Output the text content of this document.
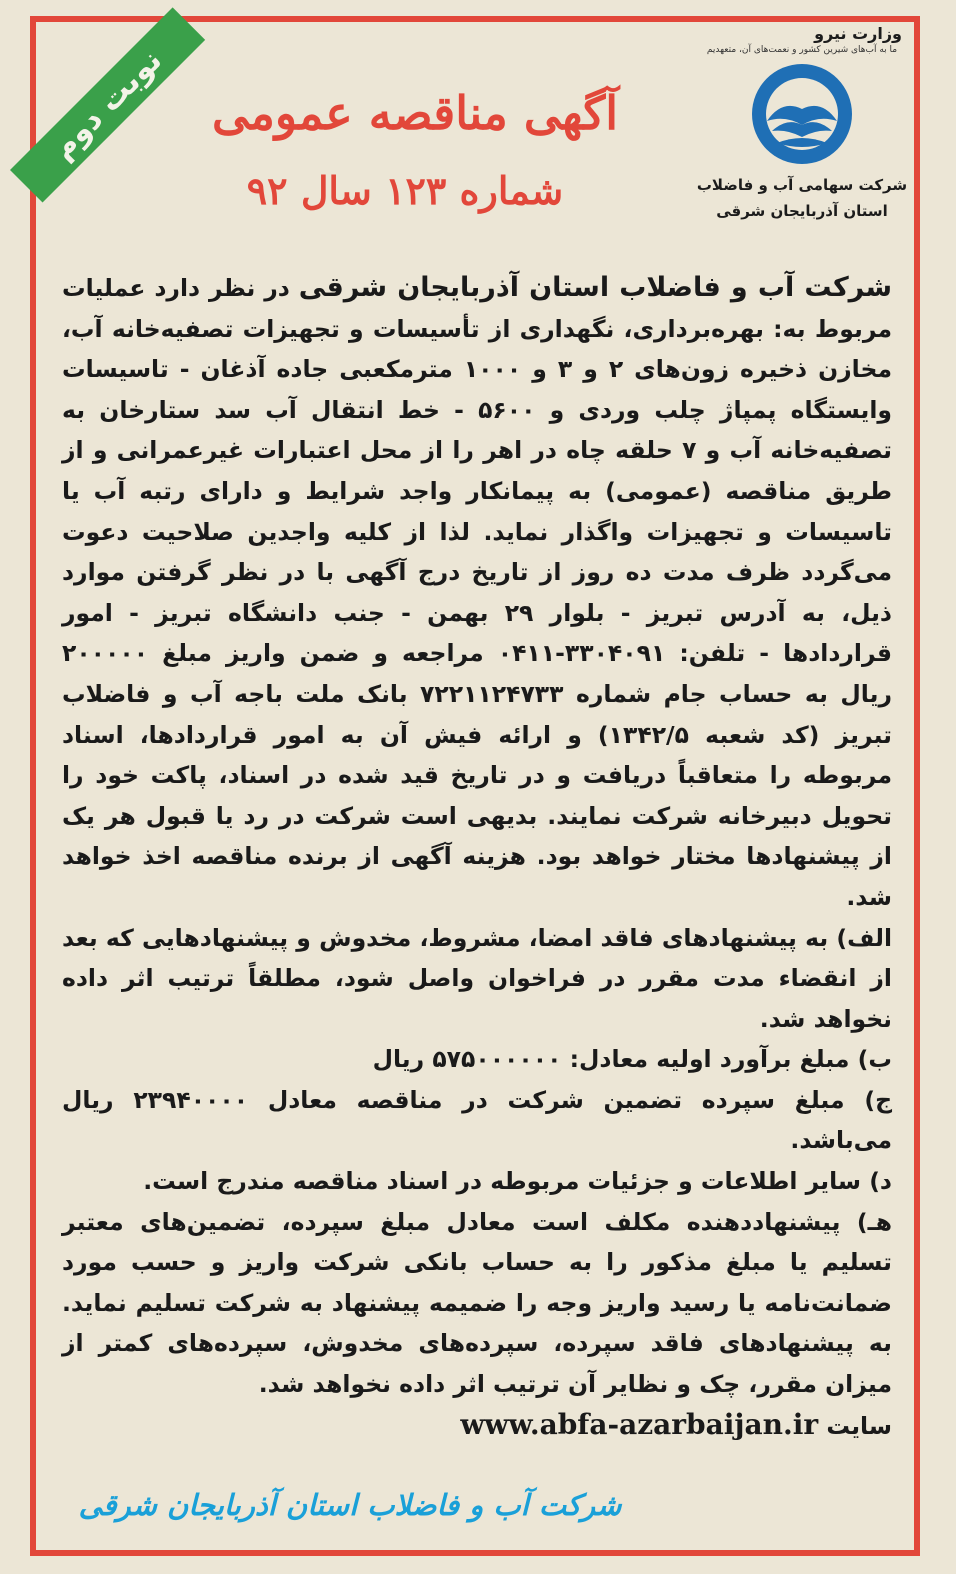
نوبت دوم
وزارت نیرو
ما به آب‌های شیرین کشور و نعمت‌های آن، متعهدیم
شرکت سهامی آب و فاضلاب
استان آذربایجان شرقی
آگهی مناقصه عمومی
شماره ۱۲۳ سال ۹۲

شرکت آب و فاضلاب استان آذربایجان شرقی در نظر دارد عملیات مربوط به: بهره‌برداری، نگهداری از تأسیسات و تجهیزات تصفیه‌خانه آب، مخازن ذخیره زون‌های ۲ و ۳ و ۱۰۰۰ مترمکعبی جاده آذغان - تاسیسات وایستگاه پمپاژ چلب وردی و ۵۶۰۰ - خط انتقال آب سد ستارخان به تصفیه‌خانه آب و ۷ حلقه چاه در اهر را از محل اعتبارات غیرعمرانی و از طریق مناقصه (عمومی) به پیمانکار واجد شرایط و دارای رتبه آب یا تاسیسات و تجهیزات واگذار نماید. لذا از کلیه واجدین صلاحیت دعوت می‌گردد ظرف مدت ده روز از تاریخ درج آگهی با در نظر گرفتن موارد ذیل، به آدرس تبریز - بلوار ۲۹ بهمن - جنب دانشگاه تبریز - امور قراردادها - تلفن: ۳۳۰۴۰۹۱-۰۴۱۱ مراجعه و ضمن واریز مبلغ ۲۰۰۰۰۰ ریال به حساب جام شماره ۷۲۲۱۱۲۴۷۳۳ بانک ملت باجه آب و فاضلاب تبریز (کد شعبه ۱۳۴۲/۵) و ارائه فیش آن به امور قراردادها، اسناد مربوطه را متعاقباً دریافت و در تاریخ قید شده در اسناد، پاکت خود را تحویل دبیرخانه شرکت نمایند. بدیهی است شرکت در رد یا قبول هر یک از پیشنهادها مختار خواهد بود. هزینه آگهی از برنده مناقصه اخذ خواهد شد.

الف) به پیشنهادهای فاقد امضا، مشروط، مخدوش و پیشنهادهایی که بعد از انقضاء مدت مقرر در فراخوان واصل شود، مطلقاً ترتیب اثر داده نخواهد شد.

ب) مبلغ برآورد اولیه معادل: ۵۷۵۰۰۰۰۰۰ ریال

ج) مبلغ سپرده تضمین شرکت در مناقصه معادل ۲۳۹۴۰۰۰۰ ریال می‌باشد.

د) سایر اطلاعات و جزئیات مربوطه در اسناد مناقصه مندرج است.

هـ) پیشنهاددهنده مکلف است معادل مبلغ سپرده، تضمین‌های معتبر تسلیم یا مبلغ مذکور را به حساب بانکی شرکت واریز و حسب مورد ضمانت‌نامه یا رسید واریز وجه را ضمیمه پیشنهاد به شرکت تسلیم نماید. به پیشنهادهای فاقد سپرده، سپرده‌های مخدوش، سپرده‌های کمتر از میزان مقرر، چک و نظایر آن ترتیب اثر داده نخواهد شد.

سایت www.abfa-azarbaijan.ir

شرکت آب و فاضلاب استان آذربایجان شرقی
